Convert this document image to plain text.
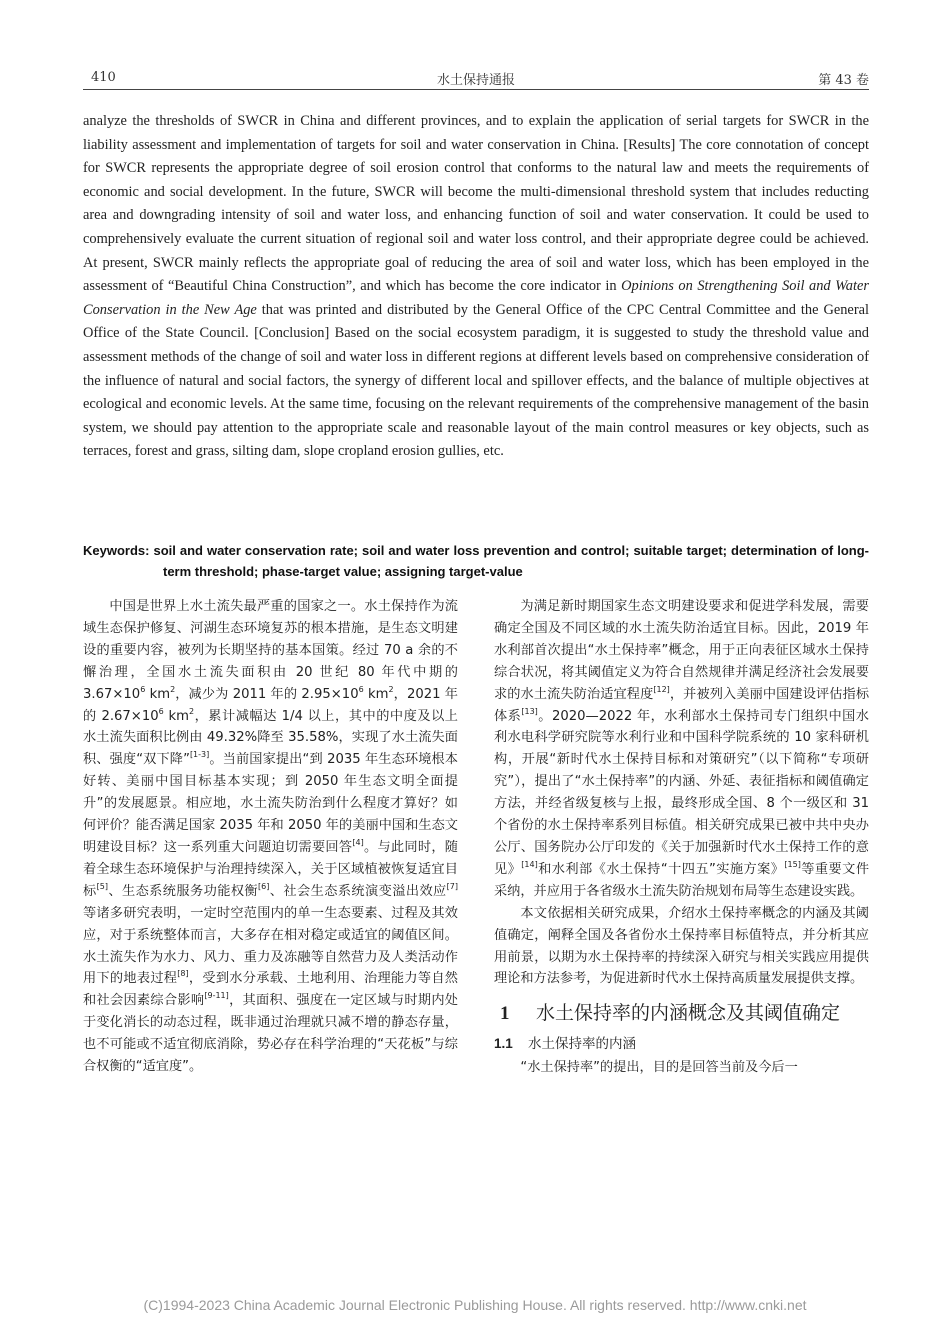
410	水土保持通报	第 43 卷

analyze the thresholds of SWCR in China and different provinces, and to explain the application of serial targets for SWCR in the liability assessment and implementation of targets for soil and water conservation in China. [Results] The core connotation of concept for SWCR represents the appropriate degree of soil erosion control that conforms to the natural law and meets the requirements of economic and social development. In the future, SWCR will become the multi-dimensional threshold system that includes reducting area and downgrading intensity of soil and water loss, and enhancing function of soil and water conservation. It could be used to comprehensively evaluate the current situation of regional soil and water loss control, and their appropriate degree could be achieved. At present, SWCR mainly reflects the appropriate goal of reducing the area of soil and water loss, which has been employed in the assessment of “Beautiful China Construction”, and which has become the core indicator in Opinions on Strengthening Soil and Water Conservation in the New Age that was printed and distributed by the General Office of the CPC Central Committee and the General Office of the State Council. [Conclusion] Based on the social ecosystem paradigm, it is suggested to study the threshold value and assessment methods of the change of soil and water loss in different regions at different levels based on comprehensive consideration of the influence of natural and social factors, the synergy of different local and spillover effects, and the balance of multiple objectives at ecological and economic levels. At the same time, focusing on the relevant requirements of the comprehensive management of the basin system, we should pay attention to the appropriate scale and reasonable layout of the main control measures or key objects, such as terraces, forest and grass, silting dam, slope cropland erosion gullies, etc.

Keywords: soil and water conservation rate; soil and water loss prevention and control; suitable target; determination of long-term threshold; phase-target value; assigning target-value

中国是世界上水土流失最严重的国家之一。水土保持作为流域生态保护修复、河湖生态环境复苏的根本措施，是生态文明建设的重要内容，被列为长期坚持的基本国策。经过 70 a 余的不懈治理，全国水土流失面积由 20 世纪 80 年代中期的 $3.67\times 10^6$ $km^2$，减少为 2011 年的 $2.95\times 10^6$ $km^2$，2021 年的 $2.67\times 10^6$ $km^2$，累计减幅达 1/4 以上，其中的中度及以上水土流失面积比例由 49.32%降至 35.58%，实现了水土流失面积、强度“双下降”[1-3]。当前国家提出“到 2035 年生态环境根本好转、美丽中国目标基本实现；到 2050 年生态文明全面提升”的发展愿景。相应地，水土流失防治到什么程度才算好？如何评价？能否满足国家 2035 年和 2050 年的美丽中国和生态文明建设目标？这一系列重大问题迫切需要回答[4]。与此同时，随着全球生态环境保护与治理持续深入，关于区域植被恢复适宜目标[5]、生态系统服务功能权衡[6]、社会生态系统演变溢出效应[7]等诸多研究表明，一定时空范围内的单一生态要素、过程及其效应，对于系统整体而言，大多存在相对稳定或适宜的阈值区间。水土流失作为水力、风力、重力及冻融等自然营力及人类活动作用下的地表过程[8]，受到水分承载、土地利用、治理能力等自然和社会因素综合影响[9-11]，其面积、强度在一定区域与时期内处于变化消长的动态过程，既非通过治理就只减不增的静态存量，也不可能或不适宜彻底消除，势必存在科学治理的“天花板”与综合权衡的“适宜度”。

为满足新时期国家生态文明建设要求和促进学科发展，需要确定全国及不同区域的水土流失防治适宜目标。因此，2019 年水利部首次提出“水土保持率”概念，用于正向表征区域水土保持综合状况，将其阈值定义为符合自然规律并满足经济社会发展要求的水土流失防治适宜程度[12]，并被列入美丽中国建设评估指标体系[13]。2020—2022 年，水利部水土保持司专门组织中国水利水电科学研究院等水利行业和中国科学院系统的 10 家科研机构，开展“新时代水土保持目标和对策研究”（以下简称“专项研究”），提出了“水土保持率”的内涵、外延、表征指标和阈值确定方法，并经省级复核与上报，最终形成全国、8 个一级区和 31 个省份的水土保持率系列目标值。相关研究成果已被中共中央办公厅、国务院办公厅印发的《关于加强新时代水土保持工作的意见》[14]和水利部《水土保持“十四五”实施方案》[15]等重要文件采纳，并应用于各省级水土流失防治规划布局等生态建设实践。

本文依据相关研究成果，介绍水土保持率概念的内涵及其阈值确定，阐释全国及各省份水土保持率目标值特点，并分析其应用前景，以期为水土保持率的持续深入研究与相关实践应用提供理论和方法参考，为促进新时代水土保持高质量发展提供支撑。

1 水土保持率的内涵概念及其阈值确定

1.1 水土保持率的内涵

“水土保持率”的提出，目的是回答当前及今后一

(C)1994-2023 China Academic Journal Electronic Publishing House. All rights reserved. http://www.cnki.net
